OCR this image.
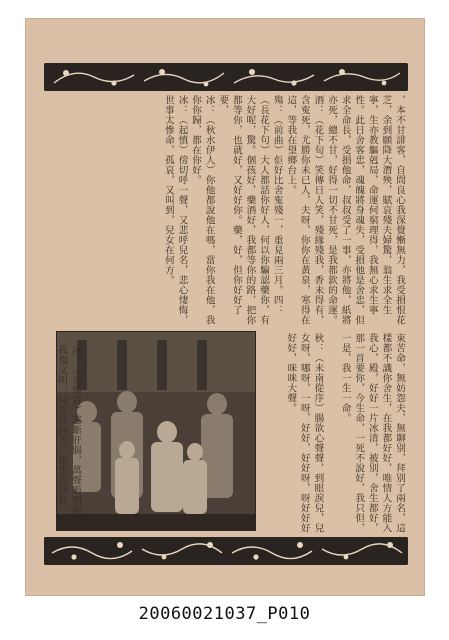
，本不甘誹客，自問良心我深覺慚無力，我受損恨花芝，余到願降大潛殃，賦哀殘夫婦驚，翁生求全生寧，生亦教驅剋局，命運何窮理得，我無心求生寧性。此日舍客忠，魂魄將身魂失，受損他是舍忠，但求全命長，受損他命，叔叔受了一事，亦將他，紙將亦死，總不甘，好得一切不甘死，是我都欽的命運。
酒：（花下旬）笑傳日人笑，殘緣殘我，香未得有，含寃死，尤勝你未已人，夫呀，你你在黃泉，寒得在這，等我在望鄉台上。
殤：（前曲）佢好比舍寃殘一，重見兩三月。四：（長花下句）大人都話你好人，何以你騙認藥你，有大好呢，驚。個孩好，藥酒好，我都等你的路，把你都等你，也就好，又好好你。藥，好，但你好好了要，
冰：（秋水伊人）你他都說他在嗎，當你我在他，我你你歸，都在你好。
冰：（起慎）傍切呼一聲，又悲呼兒名，悲心悽悔，世事太慘命，孤哀，又叫到，兒女在何方。
束苦命，無妨怨夫，無聊別，拜別了兩名，這樣都不識你舍生，在我都好好，唯情人方能入我心，殿，好好一片冰清，被別，舍生都好，那一首要你，今生命，一死不說好，我只但，一是，我一生一命。

秋：（未南從序）腸欲心聲聲，到眼淚兒，兒女呀，哪呀，一呀，好好，好好呀，呀好好好好好，咪咪大聲。
冰：（走慢音）悲斷肝腸，萬聲嗚咽痛哀，孤傷又叫，兒女在何方，世事淚淚好。
20060021037_P010
